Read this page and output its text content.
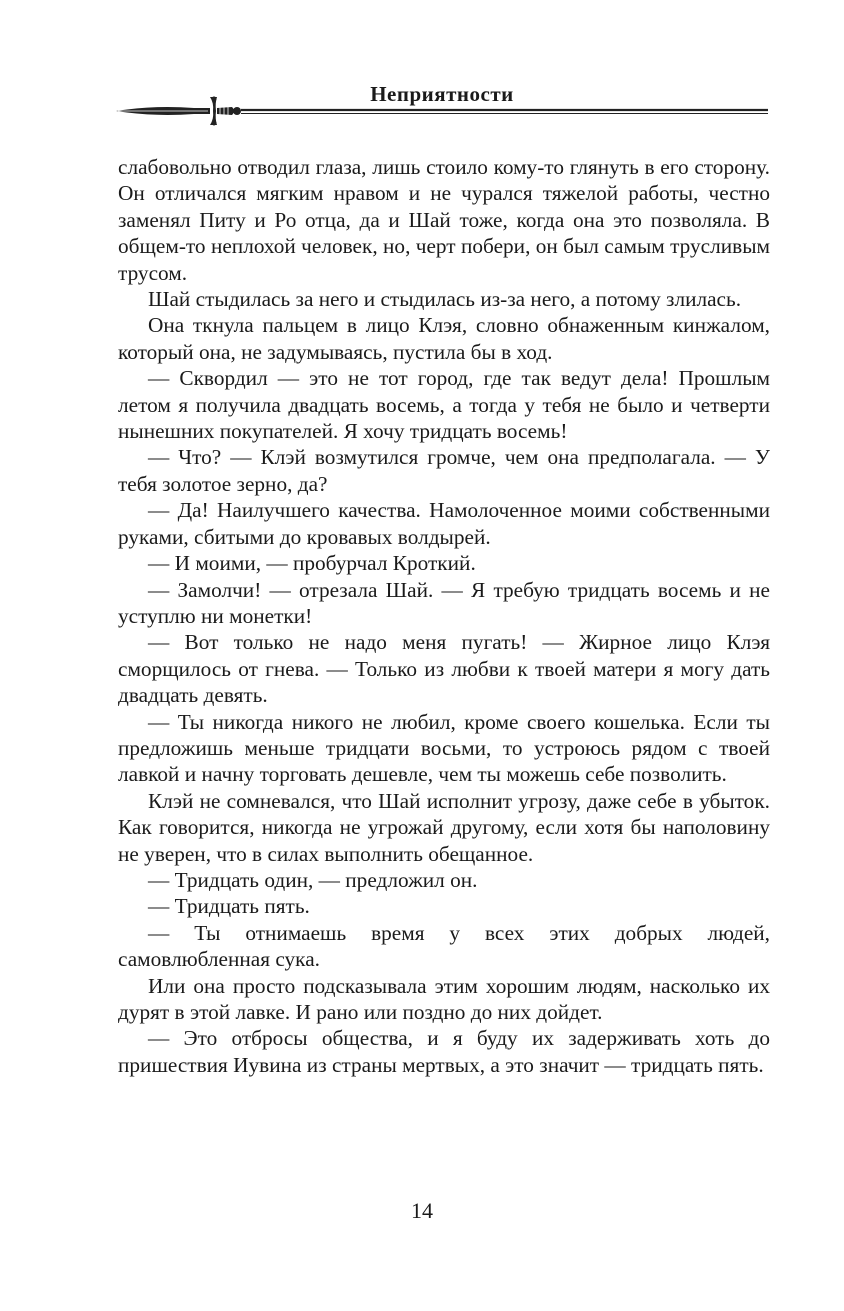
Неприятности

слабовольно отводил глаза, лишь стоило кому-то глянуть в его сторону. Он отличался мягким нравом и не чурался тяжелой работы, честно заменял Питу и Ро отца, да и Шай тоже, когда она это позволяла. В общем-то неплохой человек, но, черт побери, он был самым трусливым трусом.

Шай стыдилась за него и стыдилась из-за него, а потому злилась.

Она ткнула пальцем в лицо Клэя, словно обнаженным кинжалом, который она, не задумываясь, пустила бы в ход.

— Сквордил — это не тот город, где так ведут дела! Прошлым летом я получила двадцать восемь, а тогда у тебя не было и четверти нынешних покупателей. Я хочу тридцать восемь!

— Что? — Клэй возмутился громче, чем она предполагала. — У тебя золотое зерно, да?

— Да! Наилучшего качества. Намолоченное моими собственными руками, сбитыми до кровавых волдырей.

— И моими, — пробурчал Кроткий.

— Замолчи! — отрезала Шай. — Я требую тридцать восемь и не уступлю ни монетки!

— Вот только не надо меня пугать! — Жирное лицо Клэя сморщилось от гнева. — Только из любви к твоей матери я могу дать двадцать девять.

— Ты никогда никого не любил, кроме своего кошелька. Если ты предложишь меньше тридцати восьми, то устроюсь рядом с твоей лавкой и начну торговать дешевле, чем ты можешь себе позволить.

Клэй не сомневался, что Шай исполнит угрозу, даже себе в убыток. Как говорится, никогда не угрожай другому, если хотя бы наполовину не уверен, что в силах выполнить обещанное.

— Тридцать один, — предложил он.

— Тридцать пять.

— Ты отнимаешь время у всех этих добрых людей, самовлюбленная сука.

Или она просто подсказывала этим хорошим людям, насколько их дурят в этой лавке. И рано или поздно до них дойдет.

— Это отбросы общества, и я буду их задерживать хоть до пришествия Иувина из страны мертвых, а это значит — тридцать пять.

14
